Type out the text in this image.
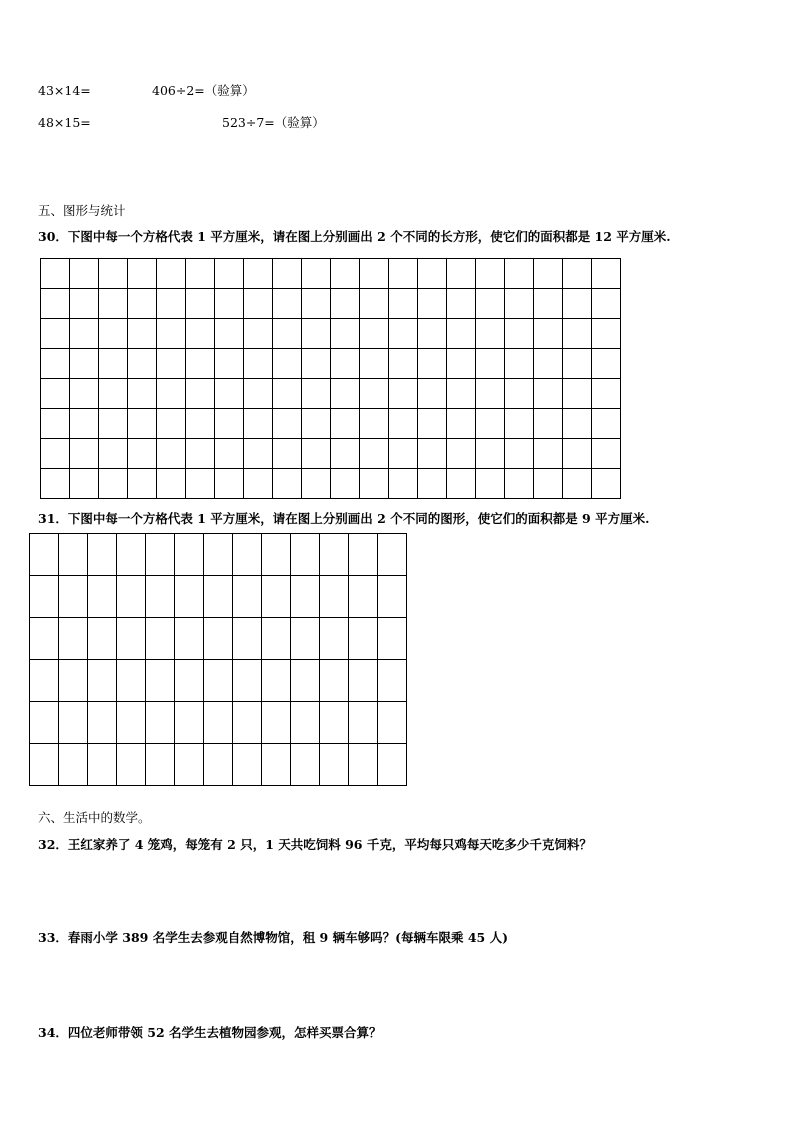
43×14=	406÷2=（验算）
48×15=	523÷7=（验算）
五、图形与统计
30．下图中每一个方格代表 1 平方厘米，请在图上分别画出 2 个不同的长方形，使它们的面积都是 12 平方厘米.

31．下图中每一个方格代表 1 平方厘米，请在图上分别画出 2 个不同的图形，使它们的面积都是 9 平方厘米.

六、生活中的数学。
32．王红家养了 4 笼鸡，每笼有 2 只，1 天共吃饲料 96 千克，平均每只鸡每天吃多少千克饲料？
33．春雨小学 389 名学生去参观自然博物馆，租 9 辆车够吗？(每辆车限乘 45 人)
34．四位老师带领 52 名学生去植物园参观，怎样买票合算？
